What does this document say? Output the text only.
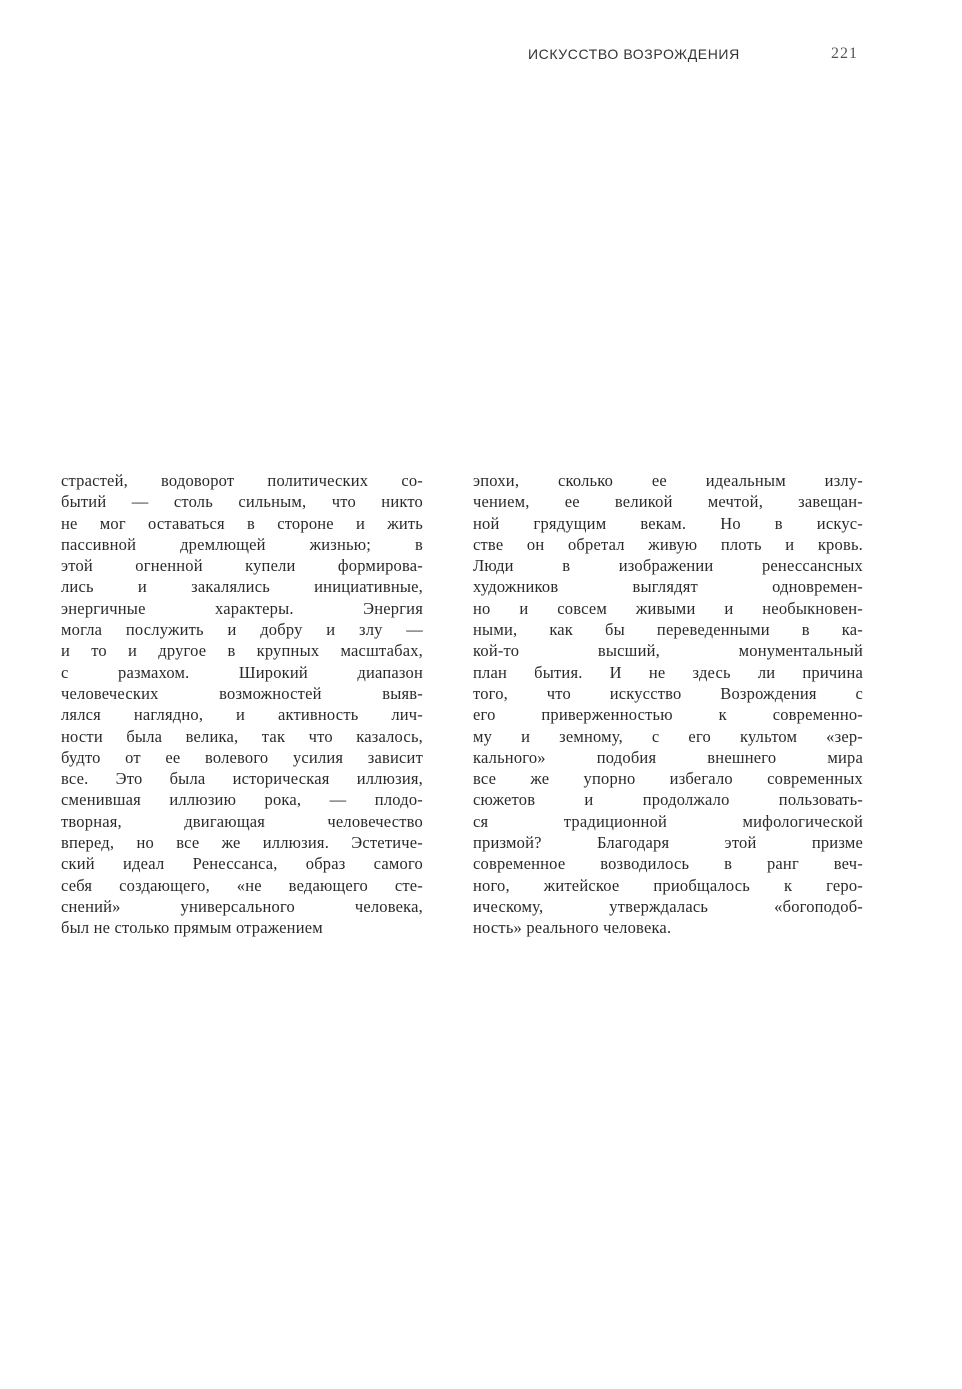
ИСКУССТВО ВОЗРОЖДЕНИЯ	221
страстей, водоворот политических со-
бытий — столь сильным, что никто
не мог оставаться в стороне и жить
пассивной дремлющей жизнью; в
этой огненной купели формирова-
лись и закалялись инициативные,
энергичные характеры. Энергия
могла послужить и добру и злу —
и то и другое в крупных масштабах,
с размахом. Широкий диапазон
человеческих возможностей выяв-
лялся наглядно, и активность лич-
ности была велика, так что казалось,
будто от ее волевого усилия зависит
все. Это была историческая иллюзия,
сменившая иллюзию рока, — плодо-
творная, двигающая человечество
вперед, но все же иллюзия. Эстетиче-
ский идеал Ренессанса, образ самого
себя создающего, «не ведающего сте-
снений» универсального человека,
был не столько прямым отражением
эпохи, сколько ее идеальным излу-
чением, ее великой мечтой, завещан-
ной грядущим векам. Но в искус-
стве он обретал живую плоть и кровь.
Люди в изображении ренессансных
художников выглядят одновремен-
но и совсем живыми и необыкновен-
ными, как бы переведенными в ка-
кой-то высший, монументальный
план бытия. И не здесь ли причина
того, что искусство Возрождения с
его приверженностью к современно-
му и земному, с его культом «зер-
кального» подобия внешнего мира
все же упорно избегало современных
сюжетов и продолжало пользовать-
ся традиционной мифологической
призмой? Благодаря этой призме
современное возводилось в ранг веч-
ного, житейское приобщалось к геро-
ическому, утверждалась «богоподоб-
ность» реального человека.
